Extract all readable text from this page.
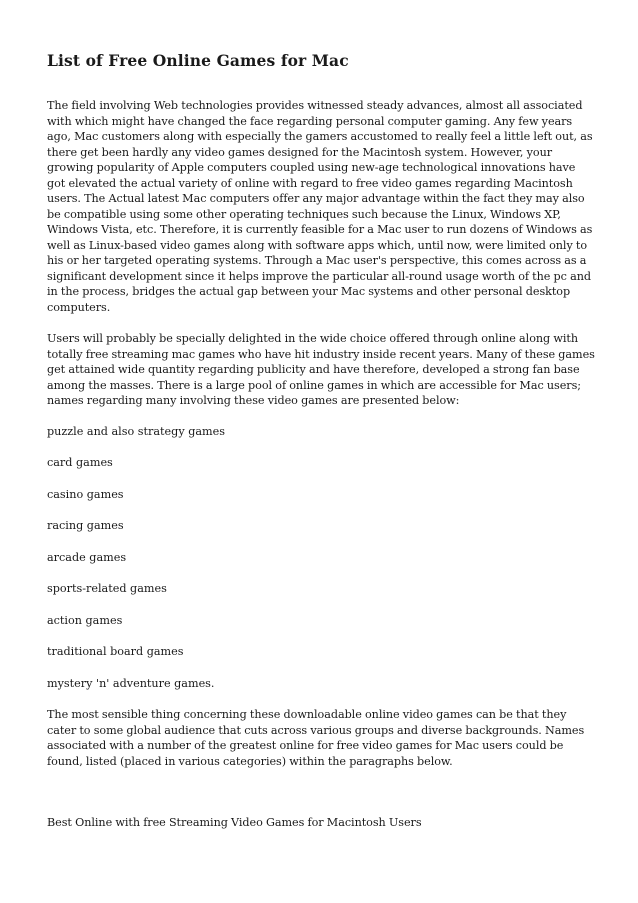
List of Free Online Games for Mac

The field involving Web technologies provides witnessed steady advances, almost all associated with which might have changed the face regarding personal computer gaming. Any few years ago, Mac customers along with especially the gamers accustomed to really feel a little left out, as there get been hardly any video games designed for the Macintosh system. However, your growing popularity of Apple computers coupled using new-age technological innovations have got elevated the actual variety of online with regard to free video games regarding Macintosh users. The Actual latest Mac computers offer any major advantage within the fact they may also be compatible using some other operating techniques such because the Linux, Windows XP, Windows Vista, etc. Therefore, it is currently feasible for a Mac user to run dozens of Windows as well as Linux-based video games along with software apps which, until now, were limited only to his or her targeted operating systems. Through a Mac user's perspective, this comes across as a significant development since it helps improve the particular all-round usage worth of the pc and in the process, bridges the actual gap between your Mac systems and other personal desktop computers.

Users will probably be specially delighted in the wide choice offered through online along with totally free streaming mac games who have hit industry inside recent years. Many of these games get attained wide quantity regarding publicity and have therefore, developed a strong fan base among the masses. There is a large pool of online games in which are accessible for Mac users; names regarding many involving these video games are presented below:

puzzle and also strategy games
card games
casino games
racing games
arcade games
sports-related games
action games
traditional board games
mystery 'n' adventure games.

The most sensible thing concerning these downloadable online video games can be that they cater to some global audience that cuts across various groups and diverse backgrounds. Names associated with a number of the greatest online for free video games for Mac users could be found, listed (placed in various categories) within the paragraphs below.

Best Online with free Streaming Video Games for Macintosh Users
